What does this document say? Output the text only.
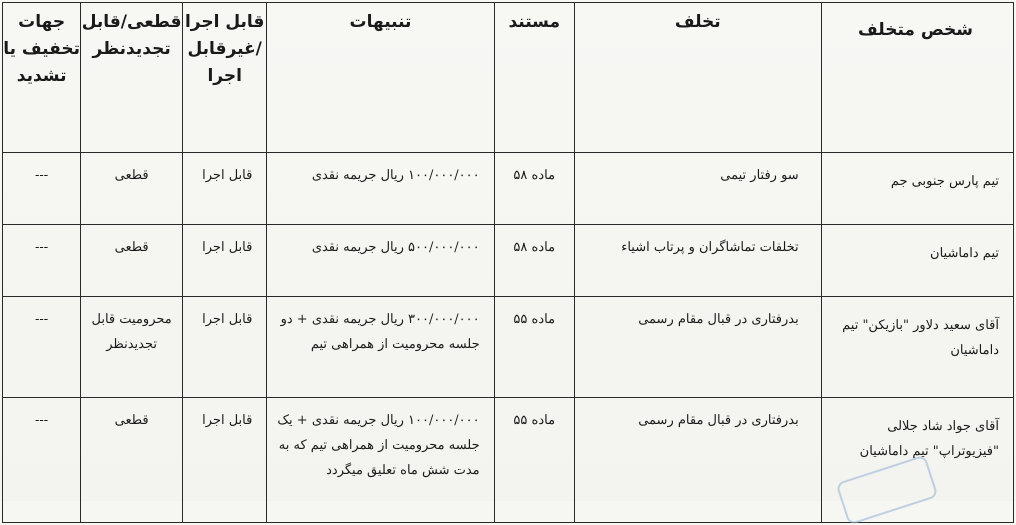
شخص متخلف	تخلف	مستند	تنبیهات	قابل اجرا /غیرقابل اجرا	قطعی/قابل تجدیدنظر	جهات تخفیف یا تشدید
تیم پارس جنوبی جم	سو رفتار تیمی	ماده ۵۸	۱۰۰/۰۰۰/۰۰۰ ریال جریمه نقدی	قابل اجرا	قطعی	---
تیم داماشیان	تخلفات تماشاگران و پرتاب اشیاء	ماده ۵۸	۵۰۰/۰۰۰/۰۰۰ ریال جریمه نقدی	قابل اجرا	قطعی	---
آقای سعید دلاور "بازیکن" تیم داماشیان	بدرفتاری در قبال مقام رسمی	ماده ۵۵	۳۰۰/۰۰۰/۰۰۰ ریال جریمه نقدی + دو جلسه محرومیت از همراهی تیم	قابل اجرا	محرومیت قابل تجدیدنظر	---
آقای جواد شاد جلالی "فیزیوتراپ" تیم داماشیان	بدرفتاری در قبال مقام رسمی	ماده ۵۵	۱۰۰/۰۰۰/۰۰۰ ریال جریمه نقدی + یک جلسه محرومیت از همراهی تیم که به مدت شش ماه تعلیق میگردد	قابل اجرا	قطعی	---
